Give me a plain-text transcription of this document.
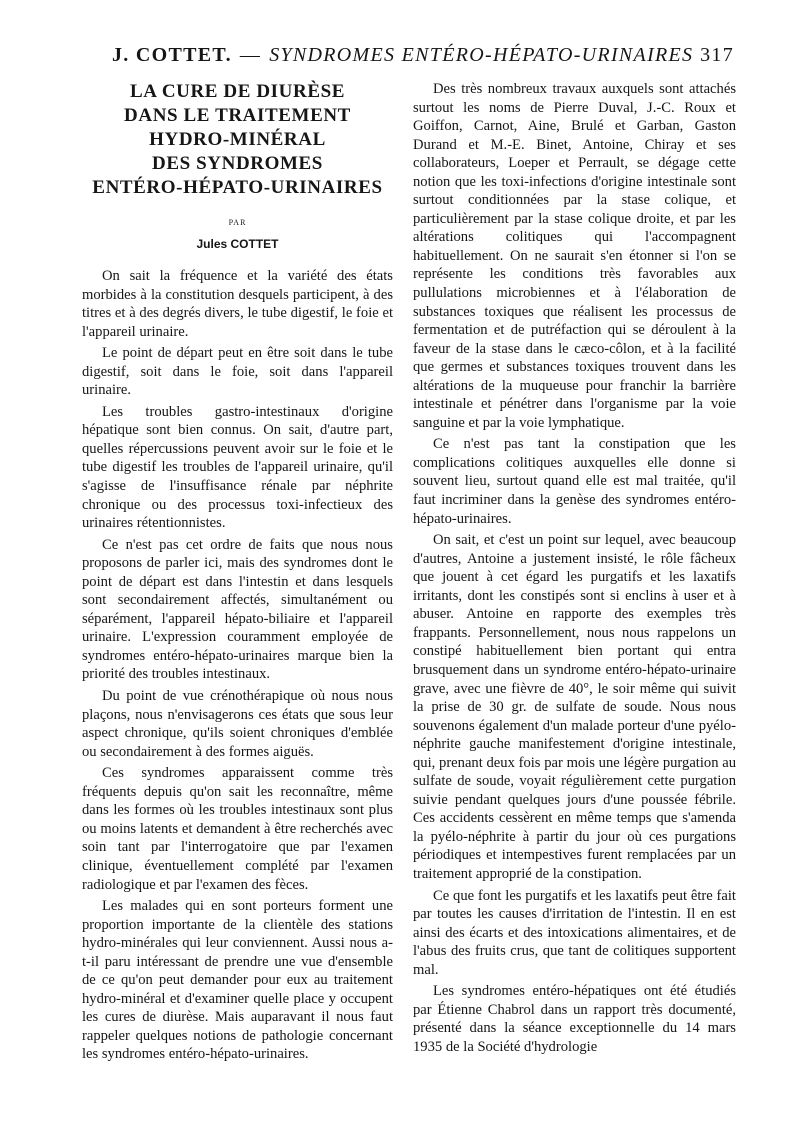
J. COTTET. — SYNDROMES ENTÉRO-HÉPATO-URINAIRES 317
LA CURE DE DIURÈSE
DANS LE TRAITEMENT
HYDRO-MINÉRAL
DES SYNDROMES
ENTÉRO-HÉPATO-URINAIRES
PAR
Jules COTTET

On sait la fréquence et la variété des états morbides à la constitution desquels participent, à des titres et à des degrés divers, le tube digestif, le foie et l'appareil urinaire.

Le point de départ peut en être soit dans le tube digestif, soit dans le foie, soit dans l'appareil urinaire.

Les troubles gastro-intestinaux d'origine hépatique sont bien connus. On sait, d'autre part, quelles répercussions peuvent avoir sur le foie et le tube digestif les troubles de l'appareil urinaire, qu'il s'agisse de l'insuffisance rénale par néphrite chronique ou des processus toxi-infectieux des urinaires rétentionnistes.

Ce n'est pas cet ordre de faits que nous nous proposons de parler ici, mais des syndromes dont le point de départ est dans l'intestin et dans lesquels sont secondairement affectés, simultanément ou séparément, l'appareil hépato-biliaire et l'appareil urinaire. L'expression couramment employée de syndromes entéro-hépato-urinaires marque bien la priorité des troubles intestinaux.

Du point de vue crénothérapique où nous nous plaçons, nous n'envisagerons ces états que sous leur aspect chronique, qu'ils soient chroniques d'emblée ou secondairement à des formes aiguës.

Ces syndromes apparaissent comme très fréquents depuis qu'on sait les reconnaître, même dans les formes où les troubles intestinaux sont plus ou moins latents et demandent à être recherchés avec soin tant par l'interrogatoire que par l'examen clinique, éventuellement complété par l'examen radiologique et par l'examen des fèces.

Les malades qui en sont porteurs forment une proportion importante de la clientèle des stations hydro-minérales qui leur conviennent. Aussi nous a-t-il paru intéressant de prendre une vue d'ensemble de ce qu'on peut demander pour eux au traitement hydro-minéral et d'examiner quelle place y occupent les cures de diurèse. Mais auparavant il nous faut rappeler quelques notions de pathologie concernant les syndromes entéro-hépato-urinaires.

Des très nombreux travaux auxquels sont attachés surtout les noms de Pierre Duval, J.-C. Roux et Goiffon, Carnot, Aine, Brulé et Garban, Gaston Durand et M.-E. Binet, Antoine, Chiray et ses collaborateurs, Loeper et Perrault, se dégage cette notion que les toxi-infections d'origine intestinale sont surtout conditionnées par la stase colique, et particulièrement par la stase colique droite, et par les altérations colitiques qui l'accompagnent habituellement. On ne saurait s'en étonner si l'on se représente les conditions très favorables aux pullulations microbiennes et à l'élaboration de substances toxiques que réalisent les processus de fermentation et de putréfaction qui se déroulent à la faveur de la stase dans le cæco-côlon, et à la facilité que germes et substances toxiques trouvent dans les altérations de la muqueuse pour franchir la barrière intestinale et pénétrer dans l'organisme par la voie sanguine et par la voie lymphatique.

Ce n'est pas tant la constipation que les complications colitiques auxquelles elle donne si souvent lieu, surtout quand elle est mal traitée, qu'il faut incriminer dans la genèse des syndromes entéro-hépato-urinaires.

On sait, et c'est un point sur lequel, avec beaucoup d'autres, Antoine a justement insisté, le rôle fâcheux que jouent à cet égard les purgatifs et les laxatifs irritants, dont les constipés sont si enclins à user et à abuser. Antoine en rapporte des exemples très frappants. Personnellement, nous nous rappelons un constipé habituellement bien portant qui entra brusquement dans un syndrome entéro-hépato-urinaire grave, avec une fièvre de 40°, le soir même qui suivit la prise de 30 gr. de sulfate de soude. Nous nous souvenons également d'un malade porteur d'une pyélo-néphrite gauche manifestement d'origine intestinale, qui, prenant deux fois par mois une légère purgation au sulfate de soude, voyait régulièrement cette purgation suivie pendant quelques jours d'une poussée fébrile. Ces accidents cessèrent en même temps que s'amenda la pyélo-néphrite à partir du jour où ces purgations périodiques et intempestives furent remplacées par un traitement approprié de la constipation.

Ce que font les purgatifs et les laxatifs peut être fait par toutes les causes d'irritation de l'intestin. Il en est ainsi des écarts et des intoxications alimentaires, et de l'abus des fruits crus, que tant de colitiques supportent mal.

Les syndromes entéro-hépatiques ont été étudiés par Étienne Chabrol dans un rapport très documenté, présenté dans la séance exceptionnelle du 14 mars 1935 de la Société d'hydrologie
